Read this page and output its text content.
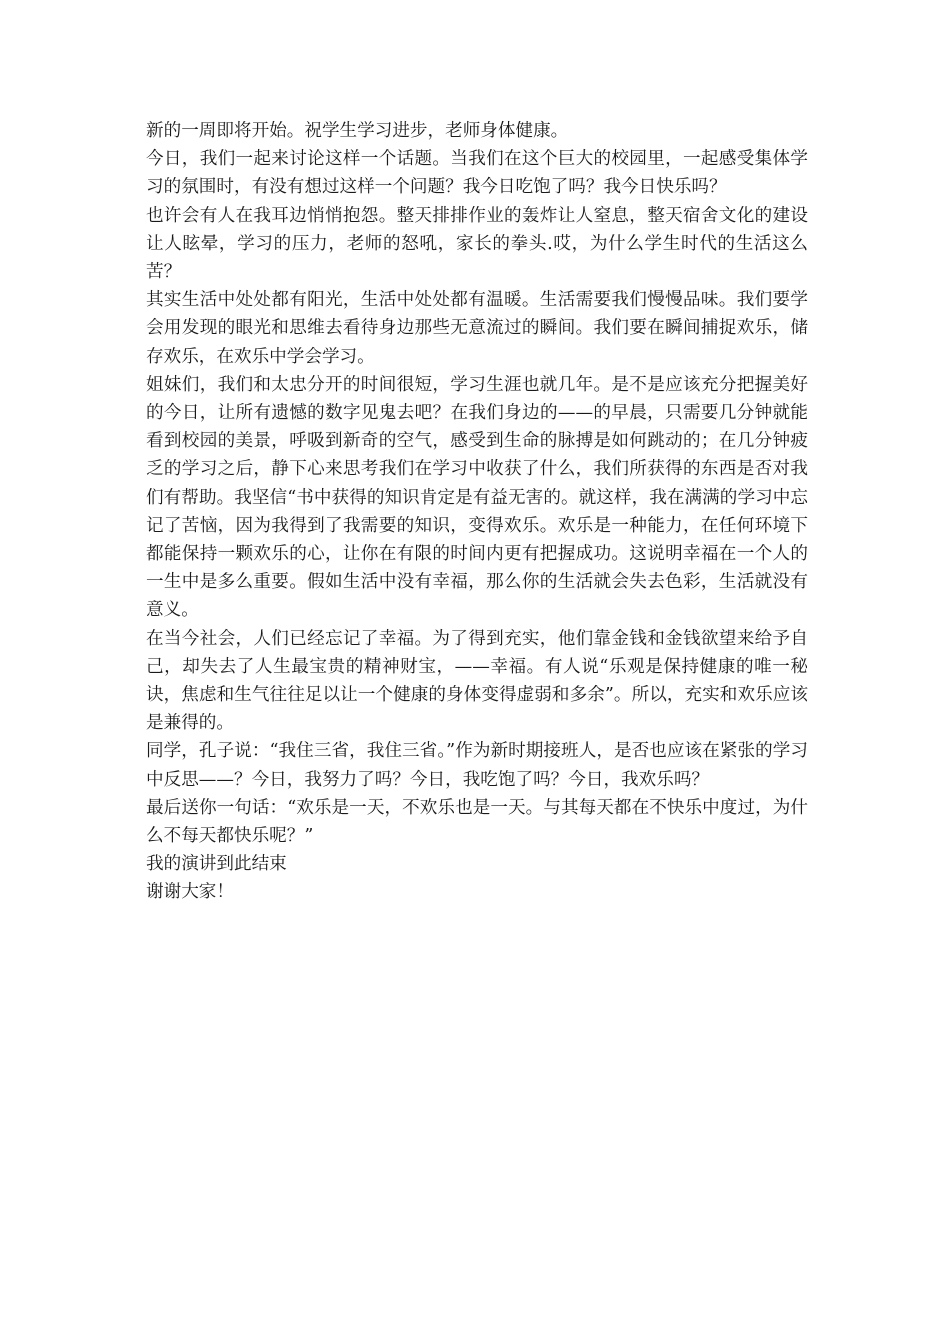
新的一周即将开始。祝学生学习进步，老师身体健康。

今日，我们一起来讨论这样一个话题。当我们在这个巨大的校园里，一起感受集体学习的氛围时，有没有想过这样一个问题？我今日吃饱了吗？我今日快乐吗？

也许会有人在我耳边悄悄抱怨。整天排排作业的轰炸让人窒息，整天宿舍文化的建设让人眩晕，学习的压力，老师的怒吼，家长的拳头.哎，为什么学生时代的生活这么苦？

其实生活中处处都有阳光，生活中处处都有温暖。生活需要我们慢慢品味。我们要学会用发现的眼光和思维去看待身边那些无意流过的瞬间。我们要在瞬间捕捉欢乐，储存欢乐，在欢乐中学会学习。

姐妹们，我们和太忠分开的时间很短，学习生涯也就几年。是不是应该充分把握美好的今日，让所有遗憾的数字见鬼去吧？在我们身边的——的早晨，只需要几分钟就能看到校园的美景，呼吸到新奇的空气，感受到生命的脉搏是如何跳动的；在几分钟疲乏的学习之后，静下心来思考我们在学习中收获了什么，我们所获得的东西是否对我们有帮助。我坚信“书中获得的知识肯定是有益无害的。就这样，我在满满的学习中忘记了苦恼，因为我得到了我需要的知识，变得欢乐。欢乐是一种能力，在任何环境下都能保持一颗欢乐的心，让你在有限的时间内更有把握成功。这说明幸福在一个人的一生中是多么重要。假如生活中没有幸福，那么你的生活就会失去色彩，生活就没有意义。

在当今社会，人们已经忘记了幸福。为了得到充实，他们靠金钱和金钱欲望来给予自己，却失去了人生最宝贵的精神财宝，——幸福。有人说“乐观是保持健康的唯一秘诀，焦虑和生气往往足以让一个健康的身体变得虚弱和多余”。所以，充实和欢乐应该是兼得的。

同学，孔子说：“我住三省，我住三省。”作为新时期接班人，是否也应该在紧张的学习中反思——？今日，我努力了吗？今日，我吃饱了吗？今日，我欢乐吗？

最后送你一句话：“欢乐是一天，不欢乐也是一天。与其每天都在不快乐中度过，为什么不每天都快乐呢？”

我的演讲到此结束

谢谢大家！
